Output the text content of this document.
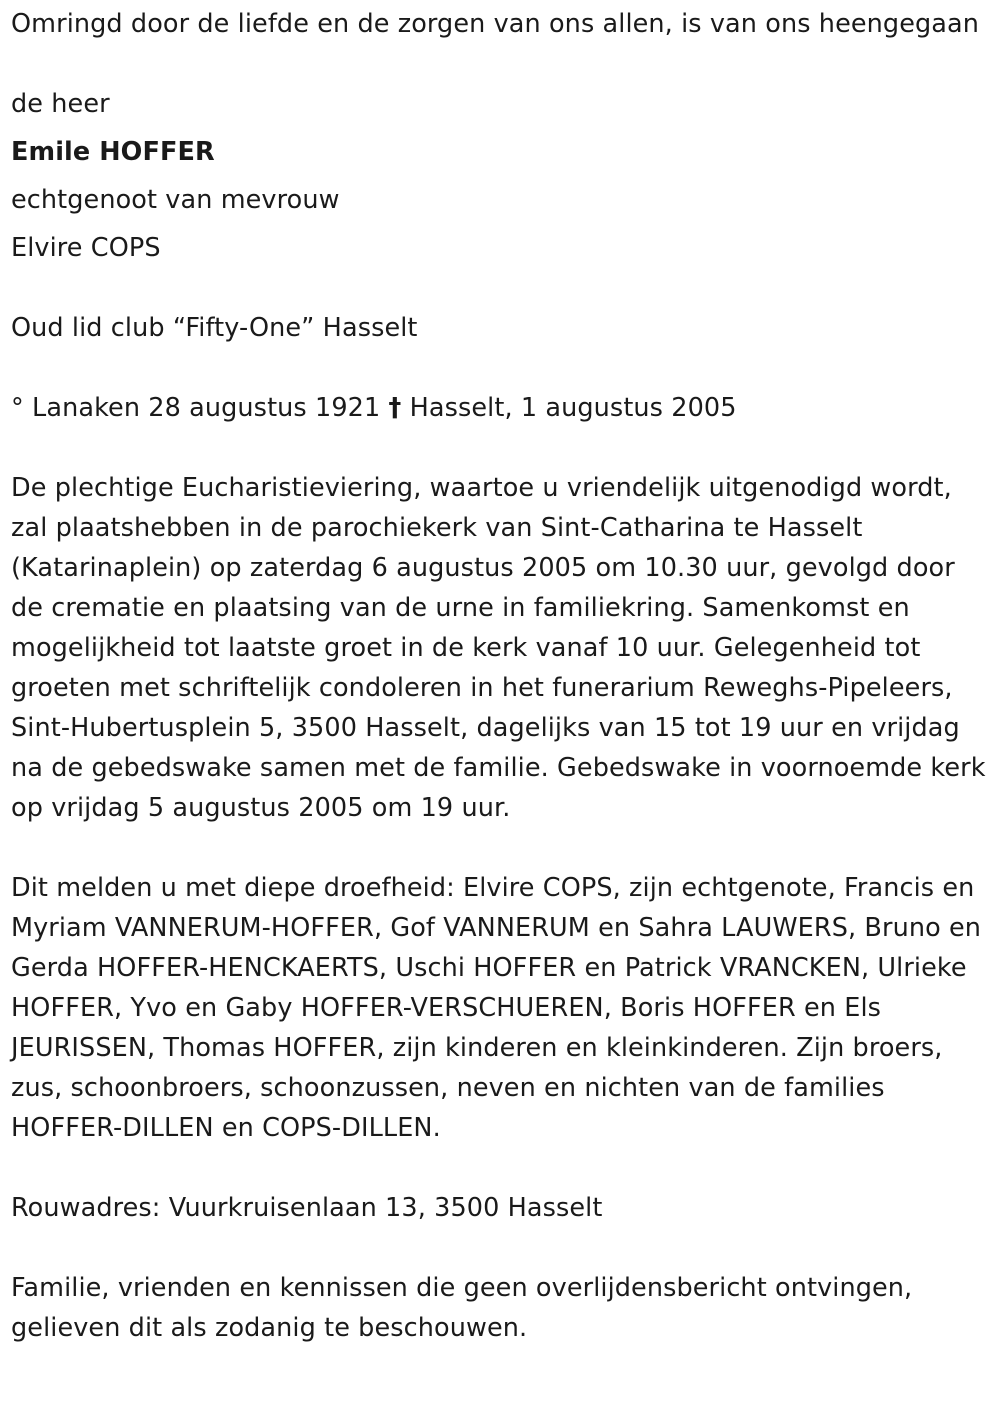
Omringd door de liefde en de zorgen van ons allen, is van ons heengegaan

de heer

Emile HOFFER

echtgenoot van mevrouw

Elvire COPS

Oud lid club “Fifty-One” Hasselt

° Lanaken 28 augustus 1921 † Hasselt, 1 augustus 2005

De plechtige Eucharistieviering, waartoe u vriendelijk uitgenodigd wordt, zal plaatshebben in de parochiekerk van Sint-Catharina te Hasselt (Katarinaplein) op zaterdag 6 augustus 2005 om 10.30 uur, gevolgd door de crematie en plaatsing van de urne in familiekring. Samenkomst en mogelijkheid tot laatste groet in de kerk vanaf 10 uur. Gelegenheid tot groeten met schriftelijk condoleren in het funerarium Reweghs-Pipeleers, Sint-Hubertusplein 5, 3500 Hasselt, dagelijks van 15 tot 19 uur en vrijdag na de gebedswake samen met de familie. Gebedswake in voornoemde kerk op vrijdag 5 augustus 2005 om 19 uur.

Dit melden u met diepe droefheid: Elvire COPS, zijn echtgenote, Francis en Myriam VANNERUM-HOFFER, Gof VANNERUM en Sahra LAUWERS, Bruno en Gerda HOFFER-HENCKAERTS, Uschi HOFFER en Patrick VRANCKEN, Ulrieke HOFFER, Yvo en Gaby HOFFER-VERSCHUEREN, Boris HOFFER en Els JEURISSEN, Thomas HOFFER, zijn kinderen en kleinkinderen. Zijn broers, zus, schoonbroers, schoonzussen, neven en nichten van de families HOFFER-DILLEN en COPS-DILLEN.

Rouwadres: Vuurkruisenlaan 13, 3500 Hasselt

Familie, vrienden en kennissen die geen overlijdensbericht ontvingen, gelieven dit als zodanig te beschouwen.
